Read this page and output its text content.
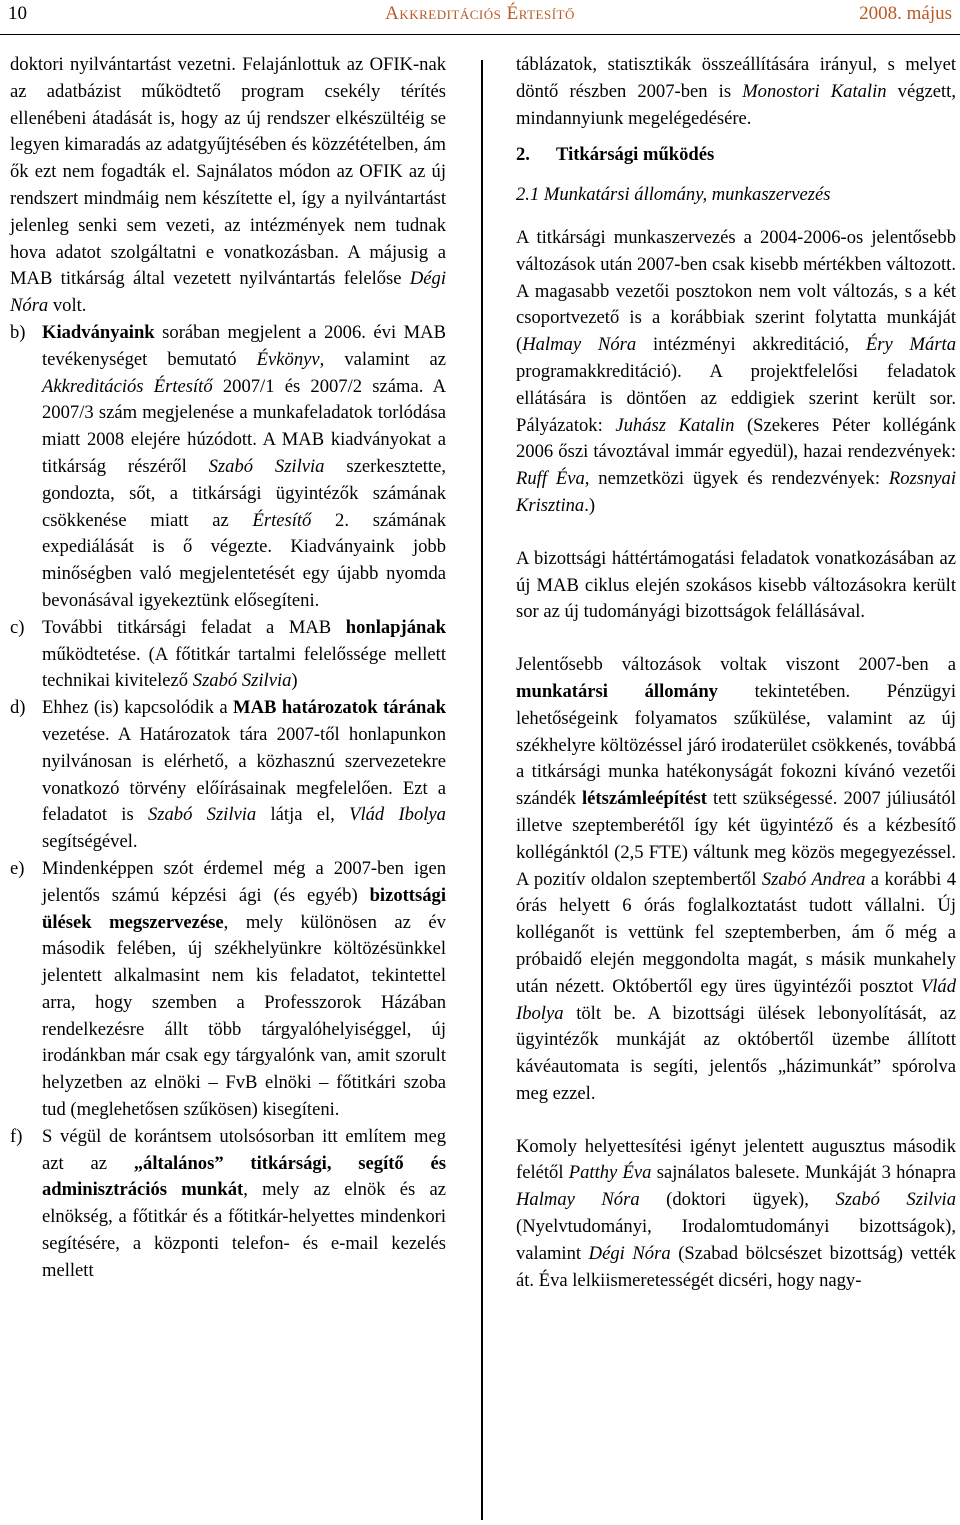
10	Akkreditációs Értesítő	2008. május

doktori nyilvántartást vezetni. Felajánlottuk az OFIK-nak az adatbázist működtető program csekély térítés ellenébeni átadását is, hogy az új rendszer elkészültéig se legyen kimaradás az adatgyűjtésében és közzétételben, ám ők ezt nem fogadták el. Sajnálatos módon az OFIK az új rendszert mindmáig nem készítette el, így a nyilvántartást jelenleg senki sem vezeti, az intézmények nem tudnak hova adatot szolgáltatni e vonatkozásban. A májusig a MAB titkárság által vezetett nyilvántartás felelőse Dégi Nóra volt.

b) Kiadványaink sorában megjelent a 2006. évi MAB tevékenységet bemutató Évkönyv, valamint az Akkreditációs Értesítő 2007/1 és 2007/2 száma. A 2007/3 szám megjelenése a munkafeladatok torlódása miatt 2008 elejére húzódott. A MAB kiadványokat a titkárság részéről Szabó Szilvia szerkesztette, gondozta, sőt, a titkársági ügyintézők számának csökkenése miatt az Értesítő 2. számának expediálását is ő végezte. Kiadványaink jobb minőségben való megjelentetését egy újabb nyomda bevonásával igyekeztünk elősegíteni.

c) További titkársági feladat a MAB honlapjának működtetése. (A főtitkár tartalmi felelőssége mellett technikai kivitelező Szabó Szilvia)

d) Ehhez (is) kapcsolódik a MAB határozatok tárának vezetése. A Határozatok tára 2007-től honlapunkon nyilvánosan is elérhető, a közhasznú szervezetekre vonatkozó törvény előírásainak megfelelően. Ezt a feladatot is Szabó Szilvia látja el, Vlád Ibolya segítségével.

e) Mindenképpen szót érdemel még a 2007-ben igen jelentős számú képzési ági (és egyéb) bizottsági ülések megszervezése, mely különösen az év második felében, új székhelyünkre költözésünkkel jelentett alkalmasint nem kis feladatot, tekintettel arra, hogy szemben a Professzorok Házában rendelkezésre állt több tárgyalóhelyiséggel, új irodánkban már csak egy tárgyalónk van, amit szorult helyzetben az elnöki – FvB elnöki – főtitkári szoba tud (meglehetősen szűkösen) kisegíteni.

f) S végül de korántsem utolsósorban itt említem meg azt az „általános” titkársági, segítő és adminisztrációs munkát, mely az elnök és az elnökség, a főtitkár és a főtitkár-helyettes mindenkori segítésére, a központi telefon- és e-mail kezelés mellett

táblázatok, statisztikák összeállítására irányul, s melyet döntő részben 2007-ben is Monostori Katalin végzett, mindannyiunk megelégedésére.

2. Titkársági működés
2.1 Munkatársi állomány, munkaszervezés

A titkársági munkaszervezés a 2004-2006-os jelentősebb változások után 2007-ben csak kisebb mértékben változott. A magasabb vezetői posztokon nem volt változás, s a két csoportvezető is a korábbiak szerint folytatta munkáját (Halmay Nóra intézményi akkreditáció, Éry Márta programakkreditáció). A projektfelelősi feladatok ellátására is döntően az eddigiek szerint került sor. Pályázatok: Juhász Katalin (Szekeres Péter kollégánk 2006 őszi távoztával immár egyedül), hazai rendezvények: Ruff Éva, nemzetközi ügyek és rendezvények: Rozsnyai Krisztina.)

A bizottsági háttértámogatási feladatok vonatkozásában az új MAB ciklus elején szokásos kisebb változásokra került sor az új tudományági bizottságok felállásával.

Jelentősebb változások voltak viszont 2007-ben a munkatársi állomány tekintetében. Pénzügyi lehetőségeink folyamatos szűkülése, valamint az új székhelyre költözéssel járó irodaterület csökkenés, továbbá a titkársági munka hatékonyságát fokozni kívánó vezetői szándék létszámleépítést tett szükségessé. 2007 júliusától illetve szeptemberétől így két ügyintéző és a kézbesítő kollégánktól (2,5 FTE) váltunk meg közös megegyezéssel. A pozitív oldalon szeptembertől Szabó Andrea a korábbi 4 órás helyett 6 órás foglalkoztatást tudott vállalni. Új kolléganőt is vettünk fel szeptemberben, ám ő még a próbaidő elején meggondolta magát, s másik munkahely után nézett. Októbertől egy üres ügyintézői posztot Vlád Ibolya tölt be. A bizottsági ülések lebonyolítását, az ügyintézők munkáját az októbertől üzembe állított kávéautomata is segíti, jelentős „házimunkát” spórolva meg ezzel.

Komoly helyettesítési igényt jelentett augusztus második felétől Patthy Éva sajnálatos balesete. Munkáját 3 hónapra Halmay Nóra (doktori ügyek), Szabó Szilvia (Nyelvtudományi, Irodalomtudományi bizottságok), valamint Dégi Nóra (Szabad bölcsészet bizottság) vették át. Éva lelkiismeretességét dicséri, hogy nagy-
